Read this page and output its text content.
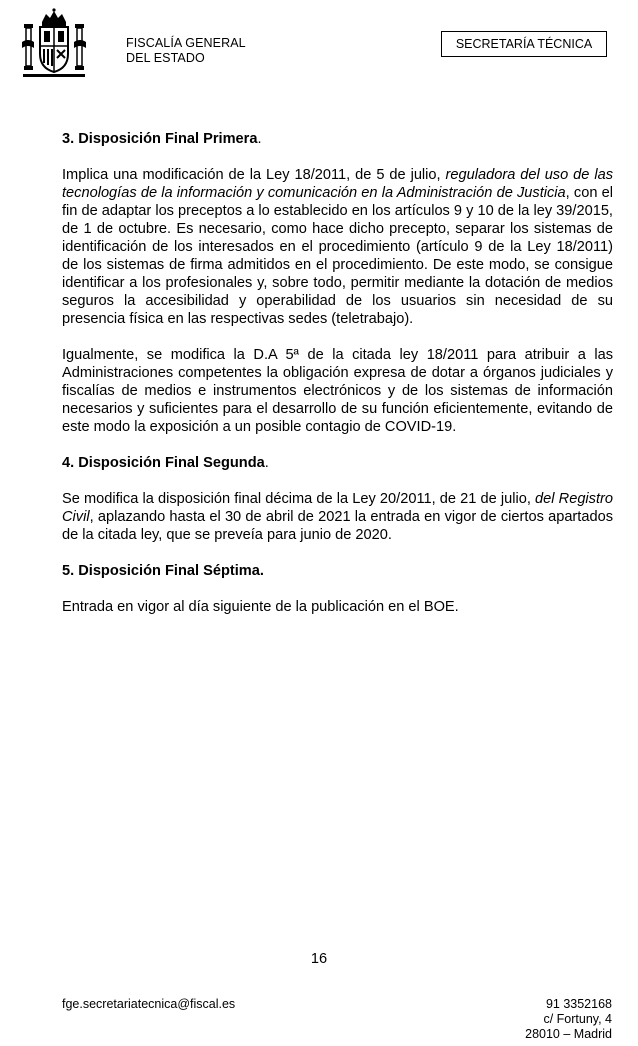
FISCALÍA GENERAL
DEL ESTADO
SECRETARÍA TÉCNICA
3. Disposición Final Primera.

Implica una modificación de la Ley 18/2011, de 5 de julio, reguladora del uso de las tecnologías de la información y comunicación en la Administración de Justicia, con el fin de adaptar los preceptos a lo establecido en los artículos 9 y 10 de la ley 39/2015, de 1 de octubre. Es necesario, como hace dicho precepto, separar los sistemas de identificación de los interesados en el procedimiento (artículo 9 de la Ley 18/2011) de los sistemas de firma admitidos en el procedimiento. De este modo, se consigue identificar a los profesionales y, sobre todo, permitir mediante la dotación de medios seguros la accesibilidad y operabilidad de los usuarios sin necesidad de su presencia física en las respectivas sedes (teletrabajo).

Igualmente, se modifica la D.A 5ª de la citada ley 18/2011 para atribuir a las Administraciones competentes la obligación expresa de dotar a órganos judiciales y fiscalías de medios e instrumentos electrónicos y de los sistemas de información necesarios y suficientes para el desarrollo de su función eficientemente, evitando de este modo la exposición a un posible contagio de COVID-19.

4. Disposición Final Segunda.

Se modifica la disposición final décima de la Ley 20/2011, de 21 de julio, del Registro Civil, aplazando hasta el 30 de abril de 2021 la entrada en vigor de ciertos apartados de la citada ley, que se preveía para junio de 2020.

5. Disposición Final Séptima.

Entrada en vigor al día siguiente de la publicación en el BOE.

16
fge.secretariatecnica@fiscal.es	91 3352168
c/ Fortuny, 4
28010 – Madrid
